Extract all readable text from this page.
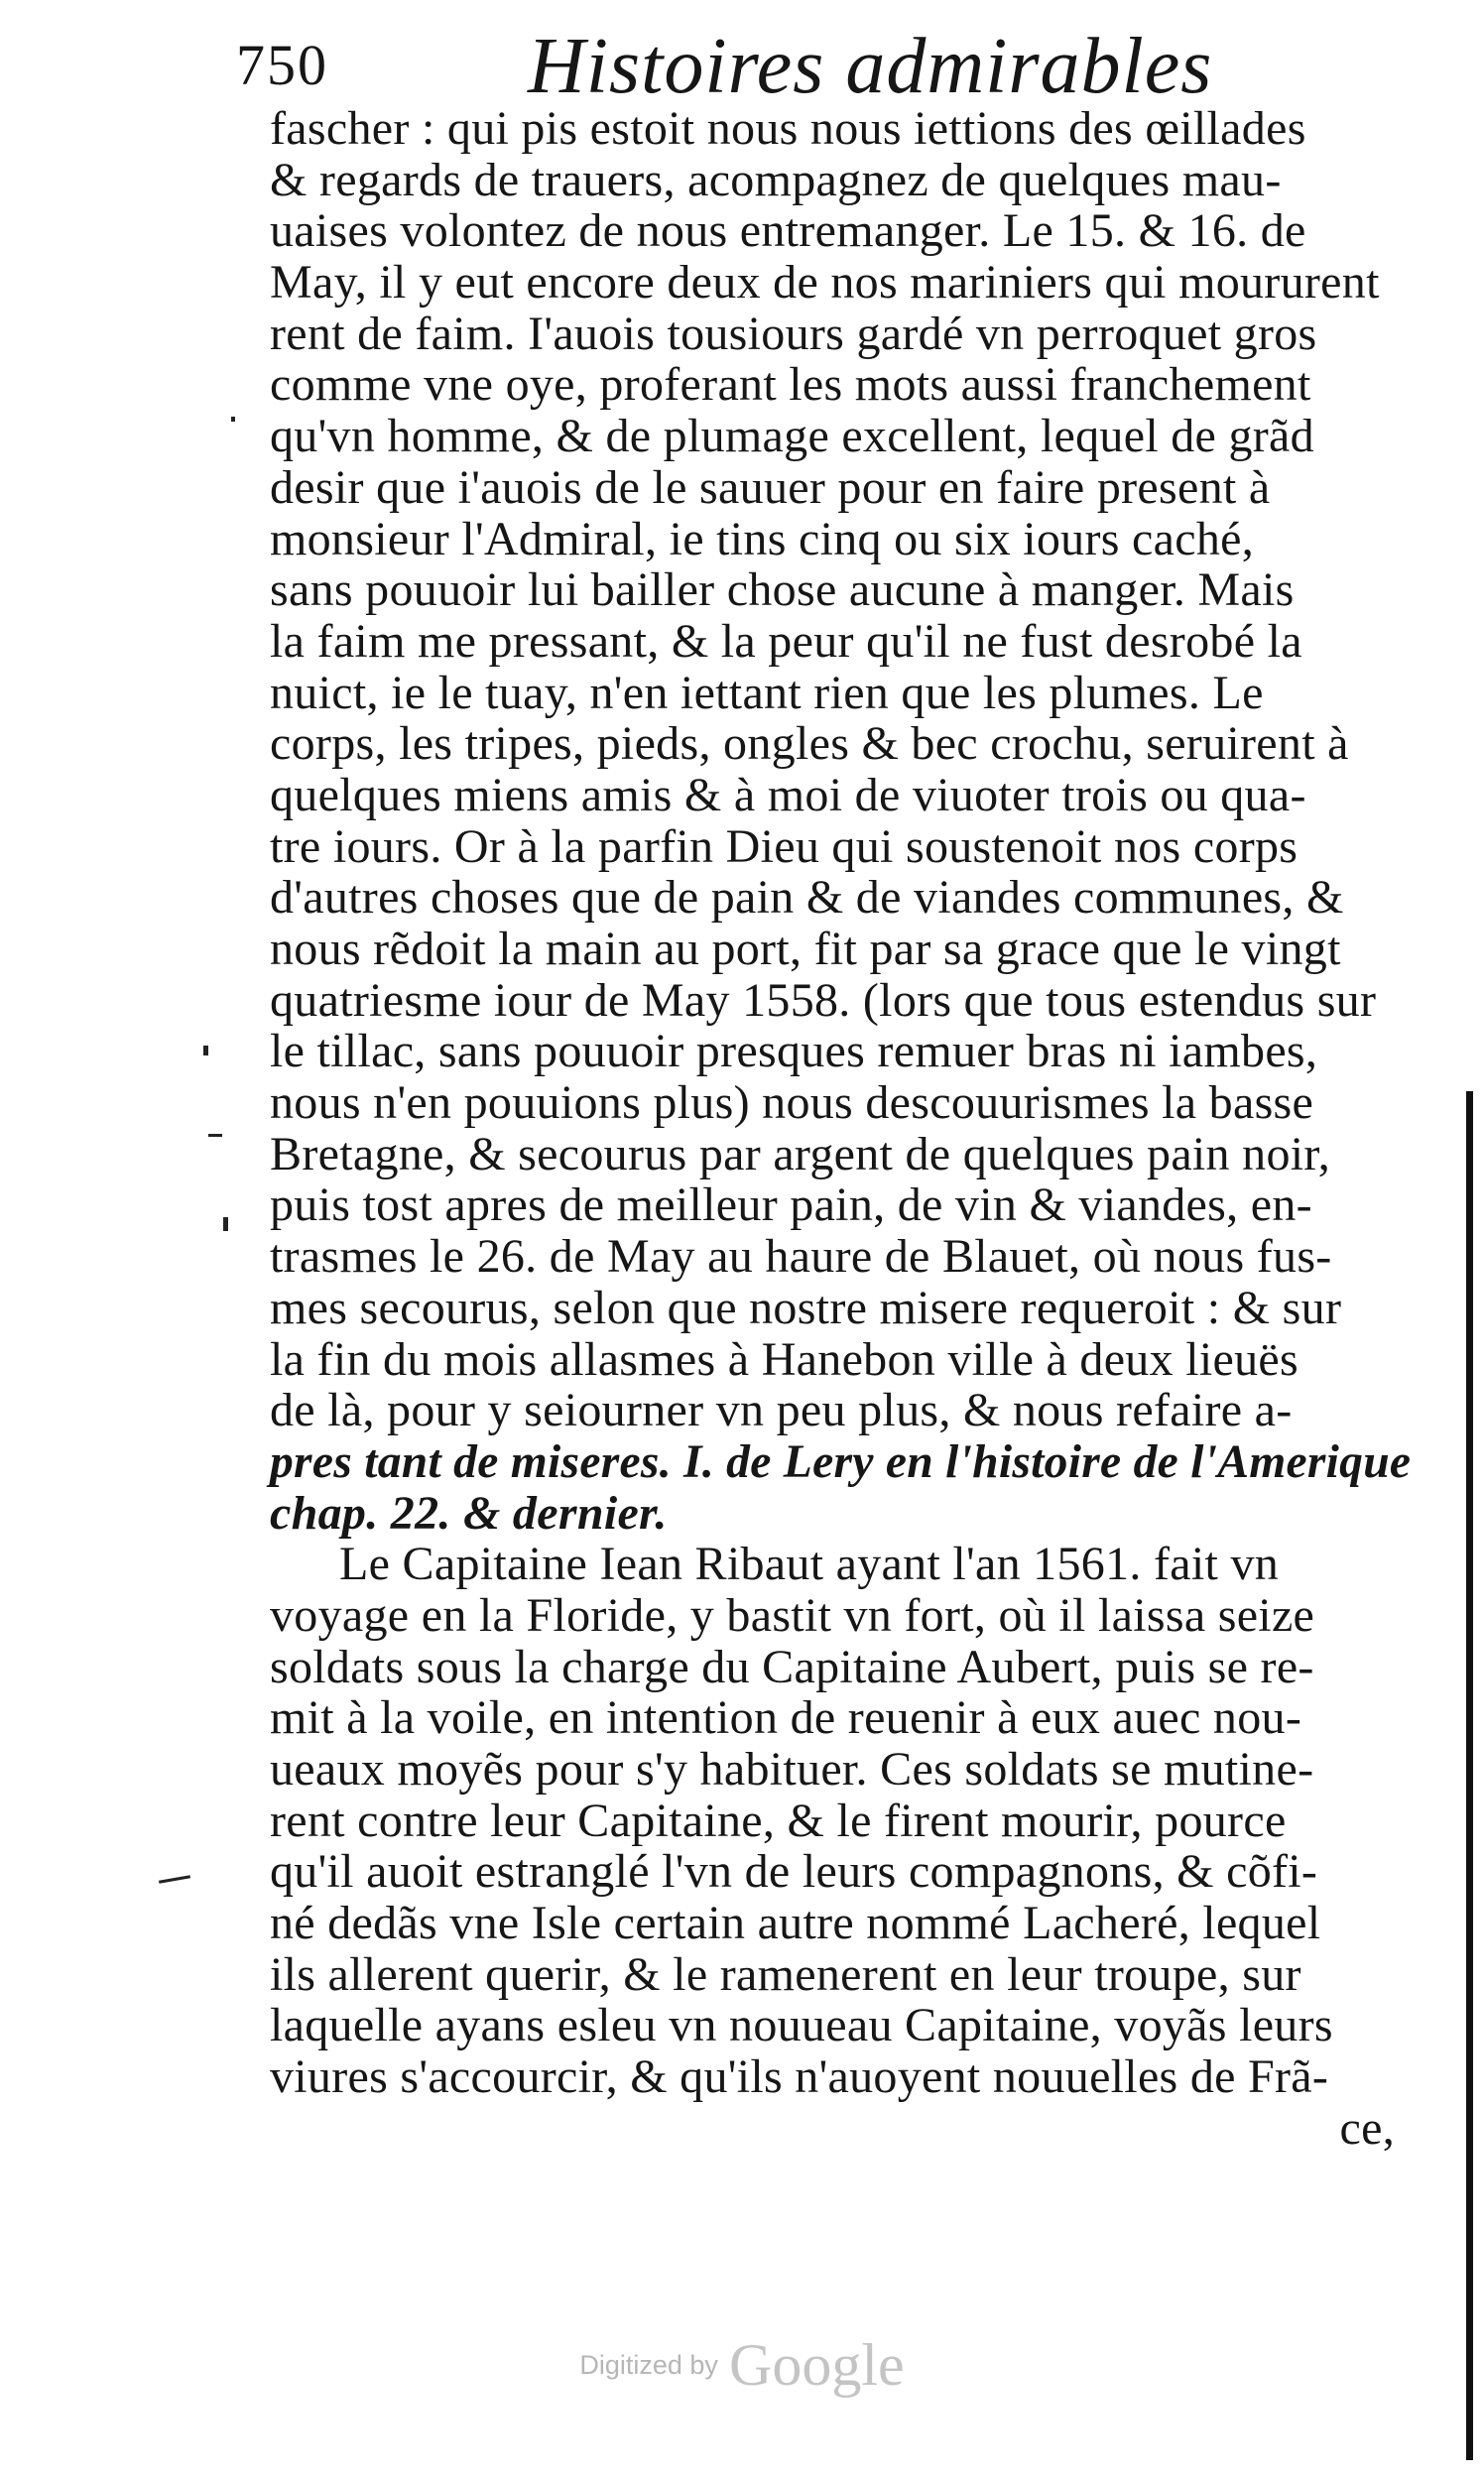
750	Histoires admirables
fascher : qui pis estoit nous nous iettions des œillades
& regards de trauers, acompagnez de quelques mau-
uaises volontez de nous entremanger. Le 15. & 16. de
May, il y eut encore deux de nos mariniers qui moururent
rent de faim. I'auois tousiours gardé vn perroquet gros
comme vne oye, proferant les mots aussi franchement
qu'vn homme, & de plumage excellent, lequel de grãd
desir que i'auois de le sauuer pour en faire present à
monsieur l'Admiral, ie tins cinq ou six iours caché,
sans pouuoir lui bailler chose aucune à manger. Mais
la faim me pressant, & la peur qu'il ne fust desrobé la
nuict, ie le tuay, n'en iettant rien que les plumes. Le
corps, les tripes, pieds, ongles & bec crochu, seruirent à
quelques miens amis & à moi de viuoter trois ou qua-
tre iours. Or à la parfin Dieu qui soustenoit nos corps
d'autres choses que de pain & de viandes communes, &
nous rẽdoit la main au port, fit par sa grace que le vingt
quatriesme iour de May 1558. (lors que tous estendus sur
le tillac, sans pouuoir presques remuer bras ni iambes,
nous n'en pouuions plus) nous descouurismes la basse
Bretagne, & secourus par argent de quelques pain noir,
puis tost apres de meilleur pain, de vin & viandes, en-
trasmes le 26. de May au haure de Blauet, où nous fus-
mes secourus, selon que nostre misere requeroit : & sur
la fin du mois allasmes à Hanebon ville à deux lieuës
de là, pour y seiourner vn peu plus, & nous refaire a-
pres tant de miseres. I. de Lery en l'histoire de l'Amerique
chap. 22. & dernier.
Le Capitaine Iean Ribaut ayant l'an 1561. fait vn
voyage en la Floride, y bastit vn fort, où il laissa seize
soldats sous la charge du Capitaine Aubert, puis se re-
mit à la voile, en intention de reuenir à eux auec nou-
ueaux moyẽs pour s'y habituer. Ces soldats se mutine-
rent contre leur Capitaine, & le firent mourir, pource
qu'il auoit estranglé l'vn de leurs compagnons, & cõfi-
né dedãs vne Isle certain autre nommé Lacheré, lequel
ils allerent querir, & le ramenerent en leur troupe, sur
laquelle ayans esleu vn nouueau Capitaine, voyãs leurs
viures s'accourcir, & qu'ils n'auoyent nouuelles de Frã-
ce,
Digitized by Google
